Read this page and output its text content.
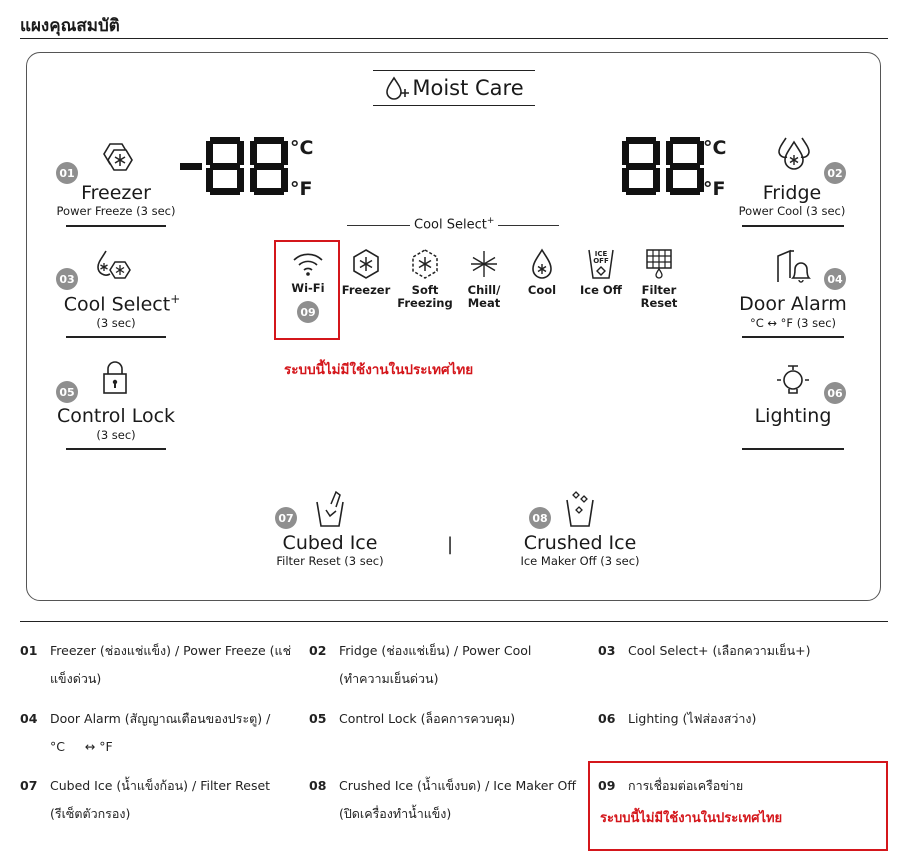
แผงคุณสมบัติ
Moist Care
°C
°F
°C
°F
01
Freezer
Power Freeze (3 sec)
02
Fridge
Power Cool (3 sec)
Cool Select+
03
Cool Select+
(3 sec)
04
Door Alarm
°C ↔ °F (3 sec)
05
Control Lock
(3 sec)
06
Lighting
Wi-Fi
09
Freezer	Soft
Freezing
Chill/
Meat
Cool
ICE
OFF
Ice Off	Filter
Reset
ระบบนี้ไม่มีใช้งานในประเทศไทย
07
Cubed Ice
Filter Reset (3 sec)
|
08
Crushed Ice
Ice Maker Off (3 sec)
01 Freezer (ช่องแช่แข็ง) / Power Freeze (แช่
แข็งด่วน)
02 Fridge (ช่องแช่เย็น) / Power Cool
(ทำความเย็นด่วน)
03 Cool Select+ (เลือกความเย็น+)
04 Door Alarm (สัญญาณเตือนของประตู) /
°C ↔ °F
05 Control Lock (ล็อคการควบคุม)	06 Lighting (ไฟส่องสว่าง)
07 Cubed Ice (น้ำแข็งก้อน) / Filter Reset
(รีเซ็ตตัวกรอง)
08 Crushed Ice (น้ำแข็งบด) / Ice Maker Off
(ปิดเครื่องทำน้ำแข็ง)
09 การเชื่อมต่อเครือข่าย
ระบบนี้ไม่มีใช้งานในประเทศไทย
